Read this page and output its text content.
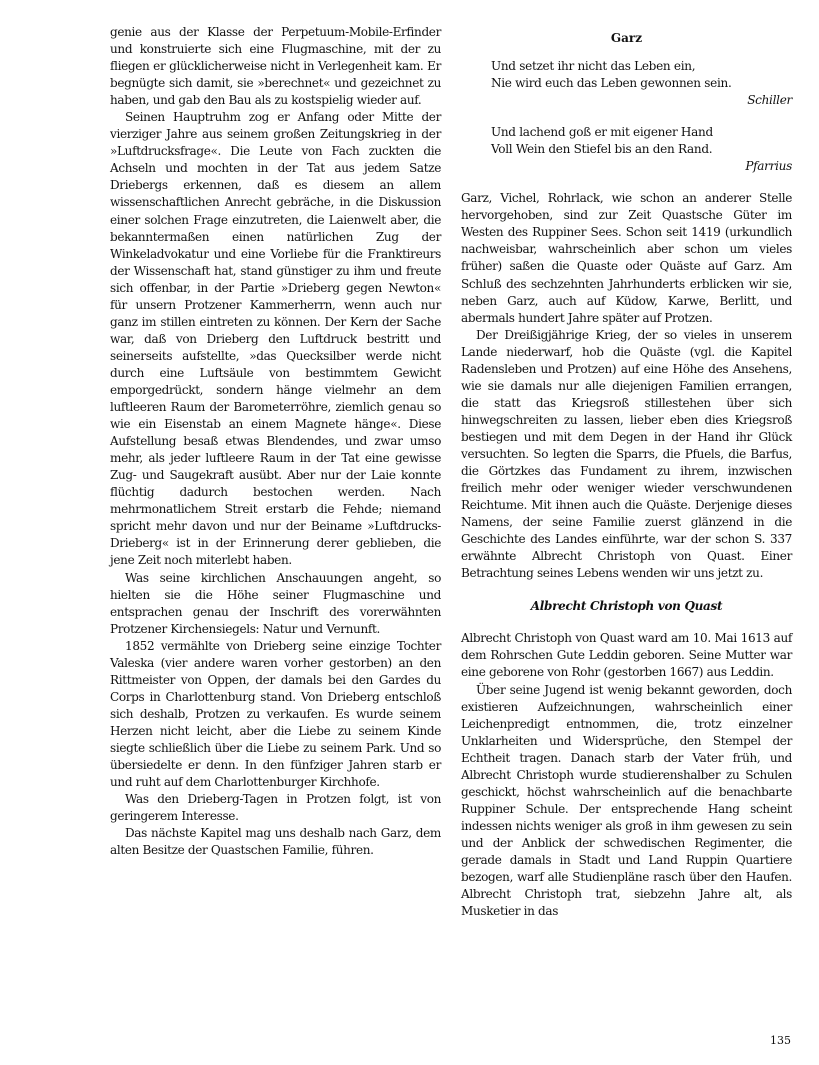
genie aus der Klasse der Perpetuum-Mobile-Erfinder und konstruierte sich eine Flugmaschine, mit der zu fliegen er glücklicherweise nicht in Verlegenheit kam. Er begnügte sich damit, sie »berechnet« und gezeichnet zu haben, und gab den Bau als zu kostspielig wieder auf.

Seinen Hauptruhm zog er Anfang oder Mitte der vierziger Jahre aus seinem großen Zeitungskrieg in der »Luftdrucksfrage«. Die Leute von Fach zuckten die Achseln und mochten in der Tat aus jedem Satze Driebergs erkennen, daß es diesem an allem wissenschaftlichen Anrecht gebräche, in die Diskussion einer solchen Frage einzutreten, die Laienwelt aber, die bekanntermaßen einen natürlichen Zug der Winkeladvokatur und eine Vorliebe für die Franktireurs der Wissenschaft hat, stand günstiger zu ihm und freute sich offenbar, in der Partie »Drieberg gegen Newton« für unsern Protzener Kammerherrn, wenn auch nur ganz im stillen eintreten zu können. Der Kern der Sache war, daß von Drieberg den Luftdruck bestritt und seinerseits aufstellte, »das Quecksilber werde nicht durch eine Luftsäule von bestimmtem Gewicht emporgedrückt, sondern hänge vielmehr an dem luftleeren Raum der Barometerröhre, ziemlich genau so wie ein Eisenstab an einem Magnete hänge«. Diese Aufstellung besaß etwas Blendendes, und zwar umso mehr, als jeder luftleere Raum in der Tat eine gewisse Zug- und Saugekraft ausübt. Aber nur der Laie konnte flüchtig dadurch bestochen werden. Nach mehrmonatlichem Streit erstarb die Fehde; niemand spricht mehr davon und nur der Beiname »Luftdrucks-Drieberg« ist in der Erinnerung derer geblieben, die jene Zeit noch miterlebt haben.

Was seine kirchlichen Anschauungen angeht, so hielten sie die Höhe seiner Flugmaschine und entsprachen genau der Inschrift des vorerwähnten Protzener Kirchensiegels: Natur und Vernunft.

1852 vermählte von Drieberg seine einzige Tochter Valeska (vier andere waren vorher gestorben) an den Rittmeister von Oppen, der damals bei den Gardes du Corps in Charlottenburg stand. Von Drieberg entschloß sich deshalb, Protzen zu verkaufen. Es wurde seinem Herzen nicht leicht, aber die Liebe zu seinem Kinde siegte schließlich über die Liebe zu seinem Park. Und so übersiedelte er denn. In den fünfziger Jahren starb er und ruht auf dem Charlottenburger Kirchhofe.

Was den Drieberg-Tagen in Protzen folgt, ist von geringerem Interesse.

Das nächste Kapitel mag uns deshalb nach Garz, dem alten Besitze der Quastschen Familie, führen.

Garz
Und setzet ihr nicht das Leben ein,
Nie wird euch das Leben gewonnen sein.
Schiller
Und lachend goß er mit eigener Hand
Voll Wein den Stiefel bis an den Rand.
Pfarrius

Garz, Vichel, Rohrlack, wie schon an anderer Stelle hervorgehoben, sind zur Zeit Quastsche Güter im Westen des Ruppiner Sees. Schon seit 1419 (urkundlich nachweisbar, wahrscheinlich aber schon um vieles früher) saßen die Quaste oder Quäste auf Garz. Am Schluß des sechzehnten Jahrhunderts erblicken wir sie, neben Garz, auch auf Küdow, Karwe, Berlitt, und abermals hundert Jahre später auf Protzen.

Der Dreißigjährige Krieg, der so vieles in unserem Lande niederwarf, hob die Quäste (vgl. die Kapitel Radensleben und Protzen) auf eine Höhe des Ansehens, wie sie damals nur alle diejenigen Familien errangen, die statt das Kriegsroß stillestehen über sich hinwegschreiten zu lassen, lieber eben dies Kriegsroß bestiegen und mit dem Degen in der Hand ihr Glück versuchten. So legten die Sparrs, die Pfuels, die Barfus, die Görtzkes das Fundament zu ihrem, inzwischen freilich mehr oder weniger wieder verschwundenen Reichtume. Mit ihnen auch die Quäste. Derjenige dieses Namens, der seine Familie zuerst glänzend in die Geschichte des Landes einführte, war der schon S. 337 erwähnte Albrecht Christoph von Quast. Einer Betrachtung seines Lebens wenden wir uns jetzt zu.

Albrecht Christoph von Quast

Albrecht Christoph von Quast ward am 10. Mai 1613 auf dem Rohrschen Gute Leddin geboren. Seine Mutter war eine geborene von Rohr (gestorben 1667) aus Leddin.

Über seine Jugend ist wenig bekannt geworden, doch existieren Aufzeichnungen, wahrscheinlich einer Leichenpredigt entnommen, die, trotz einzelner Unklarheiten und Widersprüche, den Stempel der Echtheit tragen. Danach starb der Vater früh, und Albrecht Christoph wurde studierenshalber zu Schulen geschickt, höchst wahrscheinlich auf die benachbarte Ruppiner Schule. Der entsprechende Hang scheint indessen nichts weniger als groß in ihm gewesen zu sein und der Anblick der schwedischen Regimenter, die gerade damals in Stadt und Land Ruppin Quartiere bezogen, warf alle Studienpläne rasch über den Haufen. Albrecht Christoph trat, siebzehn Jahre alt, als Musketier in das

135
